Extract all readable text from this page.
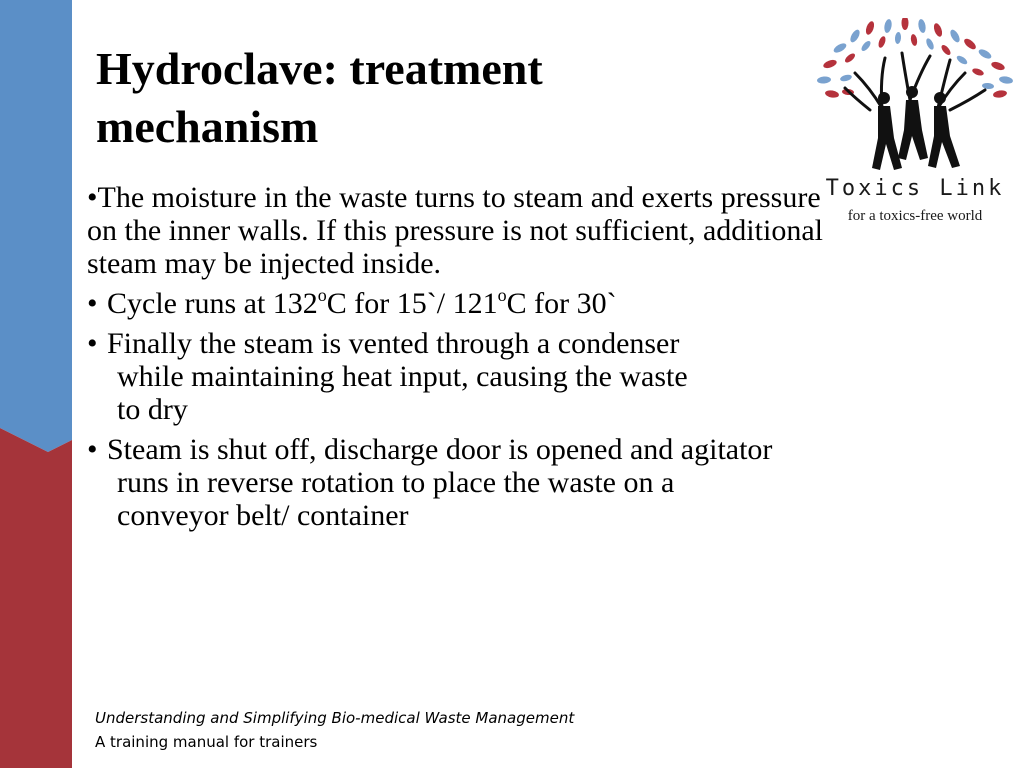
Hydroclave: treatment mechanism
•The moisture in the waste turns to steam and exerts pressure on the inner walls. If this pressure is not sufficient, additional steam may be injected inside.
• Cycle runs at 132$^o$C for 15`/ 121$^o$C for 30`
• Finally the steam is vented through a condenser while maintaining heat input, causing the waste to dry
• Steam is shut off, discharge door is opened and agitator runs in reverse rotation to place the waste on a conveyor belt/ container
Toxics Link
for a toxics-free world
Understanding and Simplifying Bio-medical Waste Management
A training manual for trainers
